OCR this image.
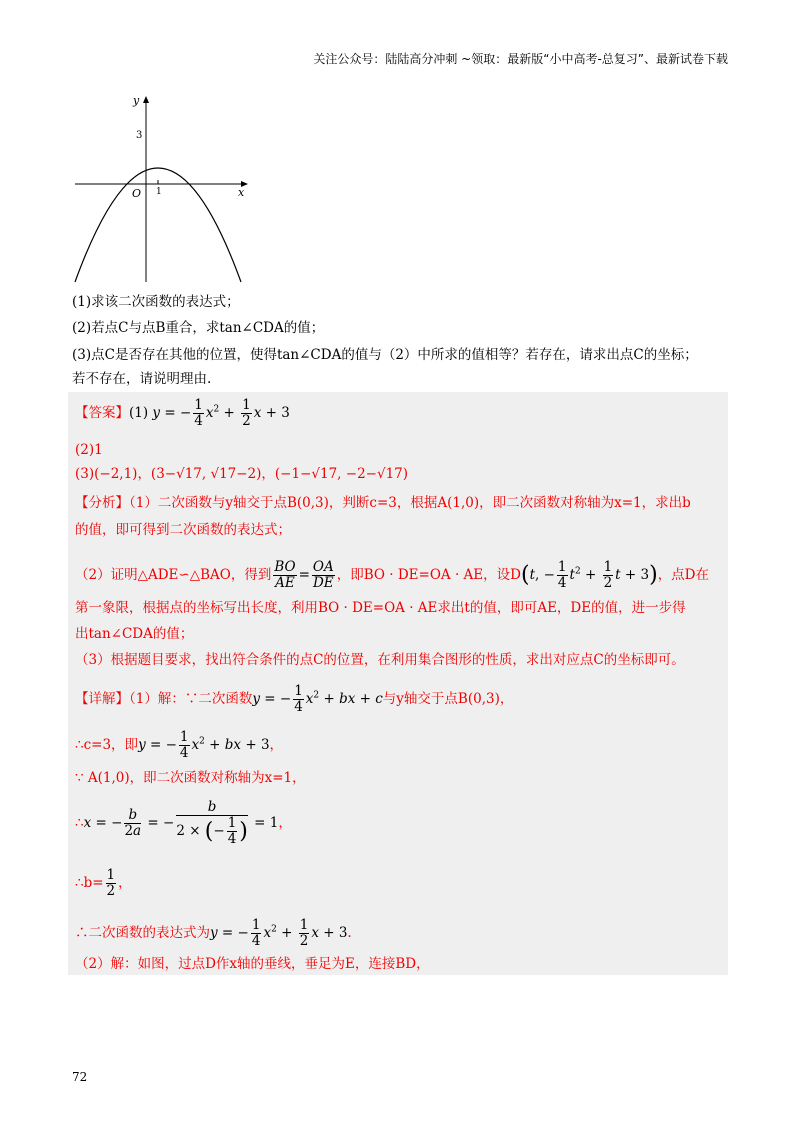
关注公众号：陆陆高分冲刺 ~领取：最新版“小中高考-总复习”、最新试卷下载
y
x
O
3
1
(1)求该二次函数的表达式；
(2)若点C与点B重合，求tan∠CDA的值；
(3)点C是否存在其他的位置，使得tan∠CDA的值与（2）中所求的值相等？若存在，请求出点C的坐标；
若不存在，请说明理由.
【答案】(1) y = − $\frac{1}{4} x^2 + \frac{1}{2}$ x + 3
(2)1
(3)(−2,1)，(3−√17, √17−2)，(−1−√17, −2−√17)
【分析】（1）二次函数与y轴交于点B(0,3)，判断c=3，根据A(1,0)，即二次函数对称轴为x=1，求出b
的值，即可得到二次函数的表达式；
（2）证明△ADE∽△BAO，得到 $\frac{BO}{AE} = \frac{OA}{DE}$ ，即BO · DE=OA · AE，设D(t, − $\frac{1}{4} t^2 + \frac{1}{2}$ t + 3)，点D在
第一象限，根据点的坐标写出长度，利用BO · DE=OA · AE求出t的值，即可AE，DE的值，进一步得
出tan∠CDA的值；
（3）根据题目要求，找出符合条件的点C的位置，在利用集合图形的性质，求出对应点C的坐标即可。
【详解】（1）解：∵二次函数y = − $\frac{1}{4} x^2$ + bx + c与y轴交于点B(0,3)，
∴c=3，即y = − $\frac{1}{4} x^2$ + bx + 3，
∵ A(1,0)，即二次函数对称轴为x=1，
∴x = − $\frac{b}{2a}$ = − $\frac{b}{2 \times (- \frac{1}{4} )} = 1$，
∴b= $\frac{1}{2}$ ，
∴二次函数的表达式为y = − $\frac{1}{4} x^2 + \frac{1}{2}$ x + 3.
（2）解：如图，过点D作x轴的垂线，垂足为E，连接BD，
72
